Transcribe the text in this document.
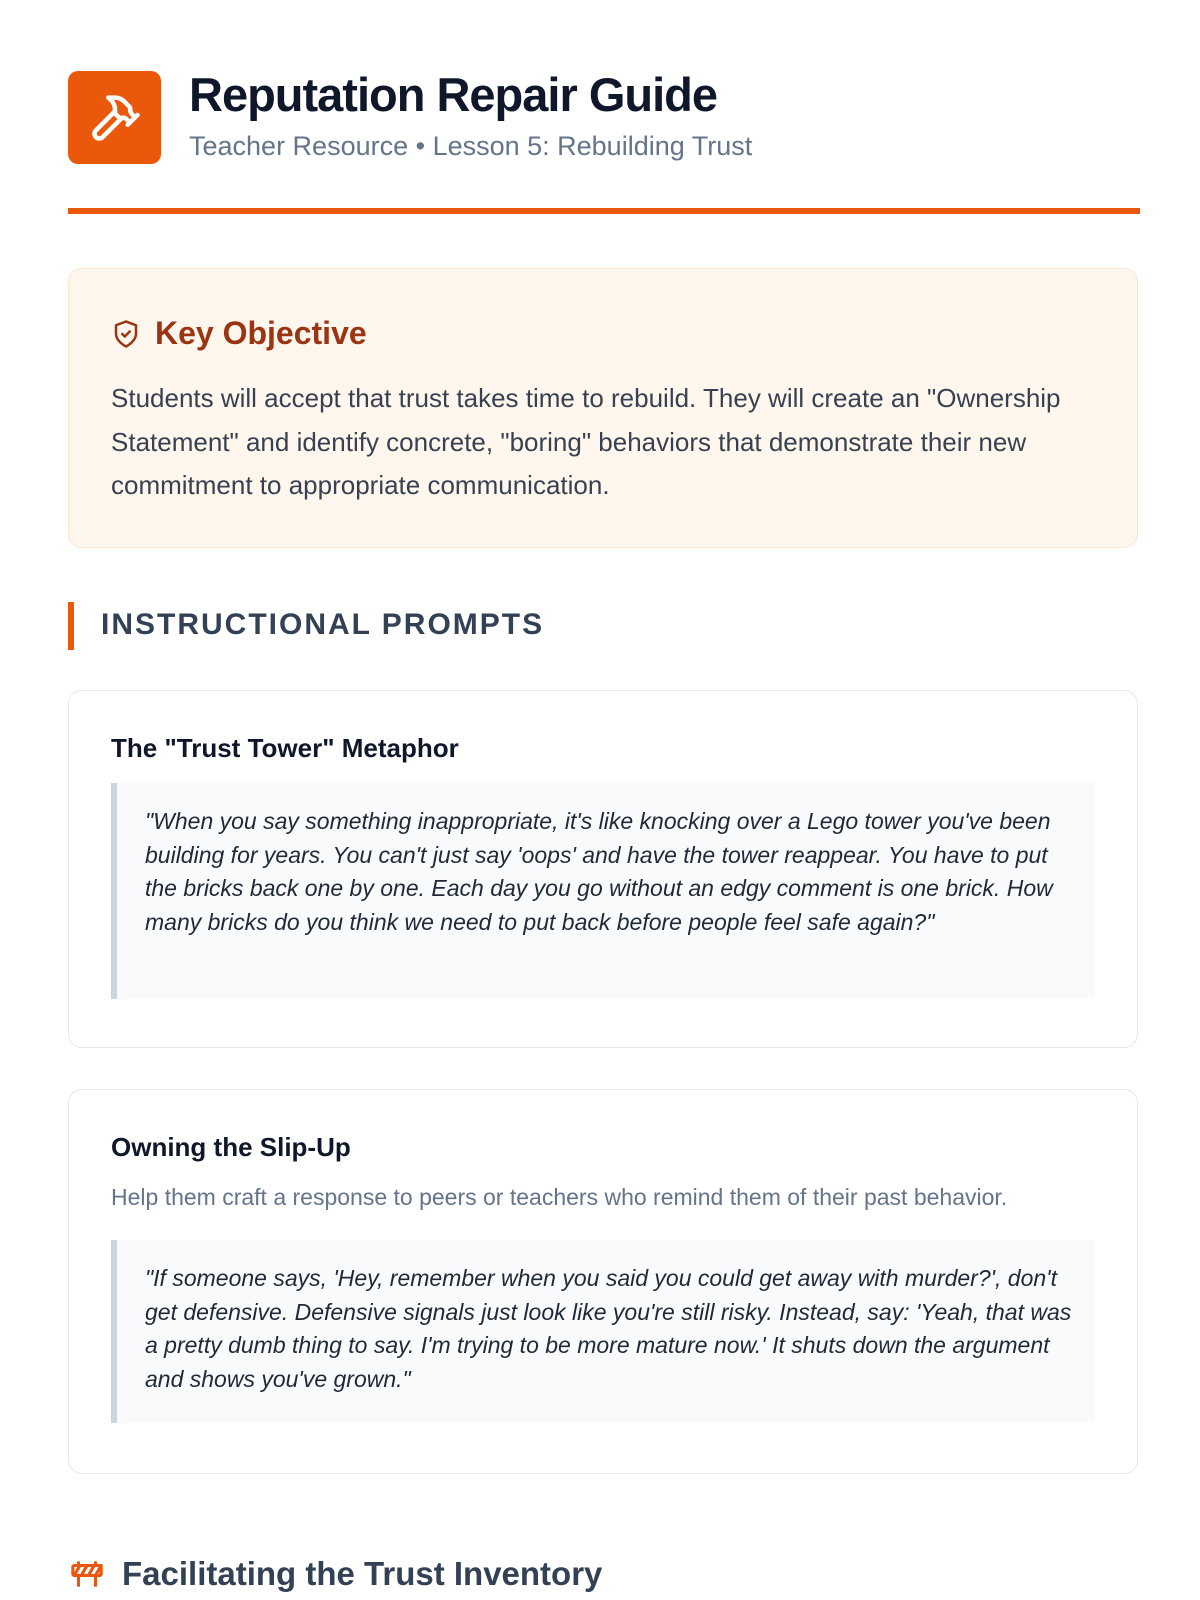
Reputation Repair Guide
Teacher Resource • Lesson 5: Rebuilding Trust
Key Objective
Students will accept that trust takes time to rebuild. They will create an "Ownership Statement" and identify concrete, "boring" behaviors that demonstrate their new commitment to appropriate communication.
INSTRUCTIONAL PROMPTS
The "Trust Tower" Metaphor
"When you say something inappropriate, it's like knocking over a Lego tower you've been building for years. You can't just say 'oops' and have the tower reappear. You have to put the bricks back one by one. Each day you go without an edgy comment is one brick. How many bricks do you think we need to put back before people feel safe again?"
Owning the Slip-Up
Help them craft a response to peers or teachers who remind them of their past behavior.
"If someone says, 'Hey, remember when you said you could get away with murder?', don't get defensive. Defensive signals just look like you're still risky. Instead, say: 'Yeah, that was a pretty dumb thing to say. I'm trying to be more mature now.' It shuts down the argument and shows you've grown."
Facilitating the Trust Inventory
